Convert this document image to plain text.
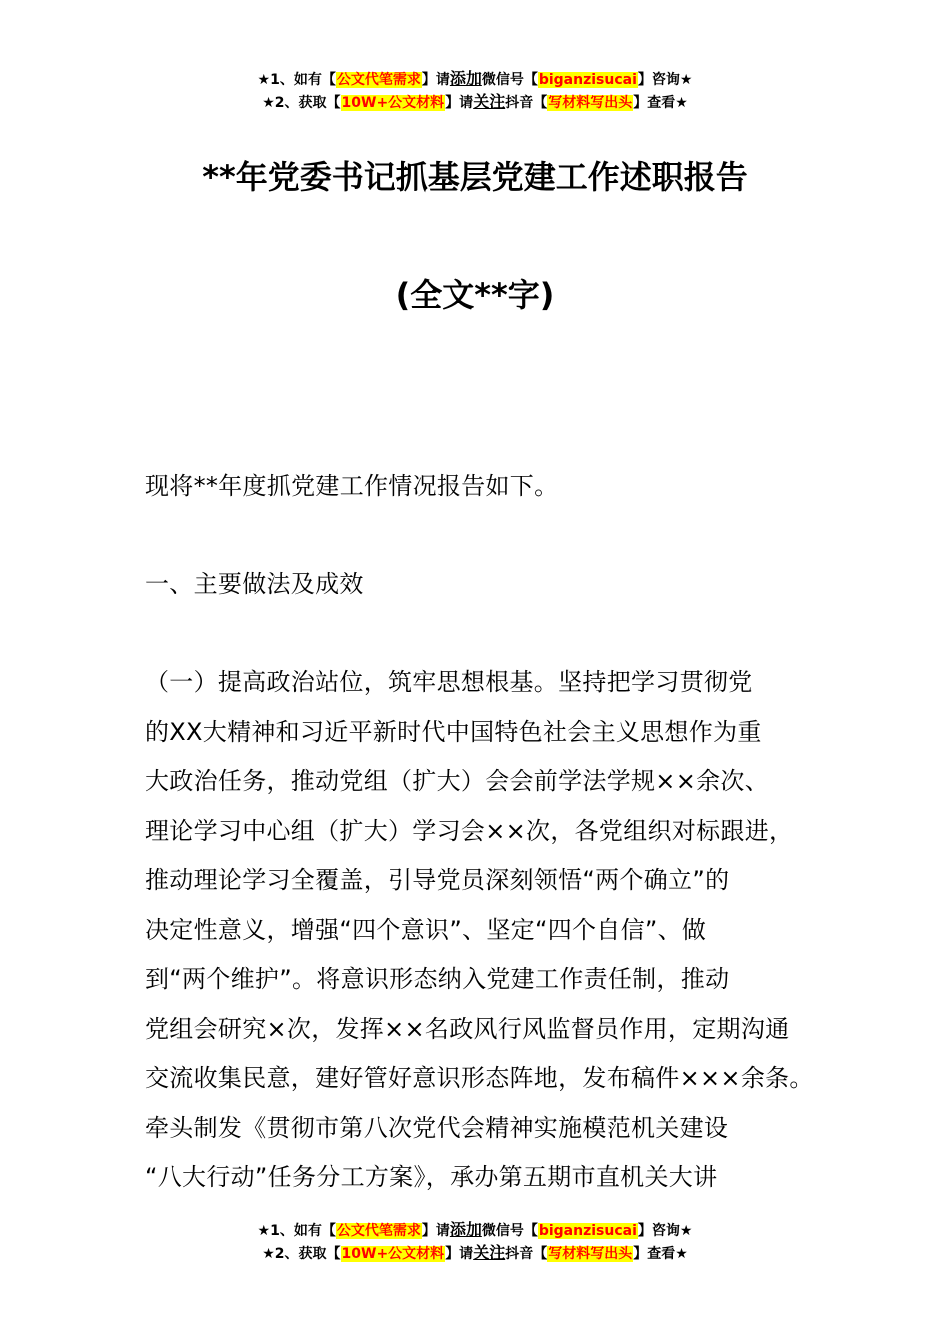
★1、如有【公文代笔需求】请添加微信号【biganzisucai】咨询★
★2、获取【10W+公文材料】请关注抖音【写材料写出头】查看★
**年党委书记抓基层党建工作述职报告
(全文**字)
现将**年度抓党建工作情况报告如下。
一、主要做法及成效
（一）提高政治站位，筑牢思想根基。坚持把学习贯彻党
的XX大精神和习近平新时代中国特色社会主义思想作为重
大政治任务，推动党组（扩大）会会前学法学规××余次、
理论学习中心组（扩大）学习会××次，各党组织对标跟进，
推动理论学习全覆盖，引导党员深刻领悟“两个确立”的
决定性意义，增强“四个意识”、坚定“四个自信”、做
到“两个维护”。将意识形态纳入党建工作责任制，推动
党组会研究×次，发挥××名政风行风监督员作用，定期沟通
交流收集民意，建好管好意识形态阵地，发布稿件×××余条。
牵头制发《贯彻市第八次党代会精神实施模范机关建设
“八大行动”任务分工方案》，承办第五期市直机关大讲
★1、如有【公文代笔需求】请添加微信号【biganzisucai】咨询★
★2、获取【10W+公文材料】请关注抖音【写材料写出头】查看★
